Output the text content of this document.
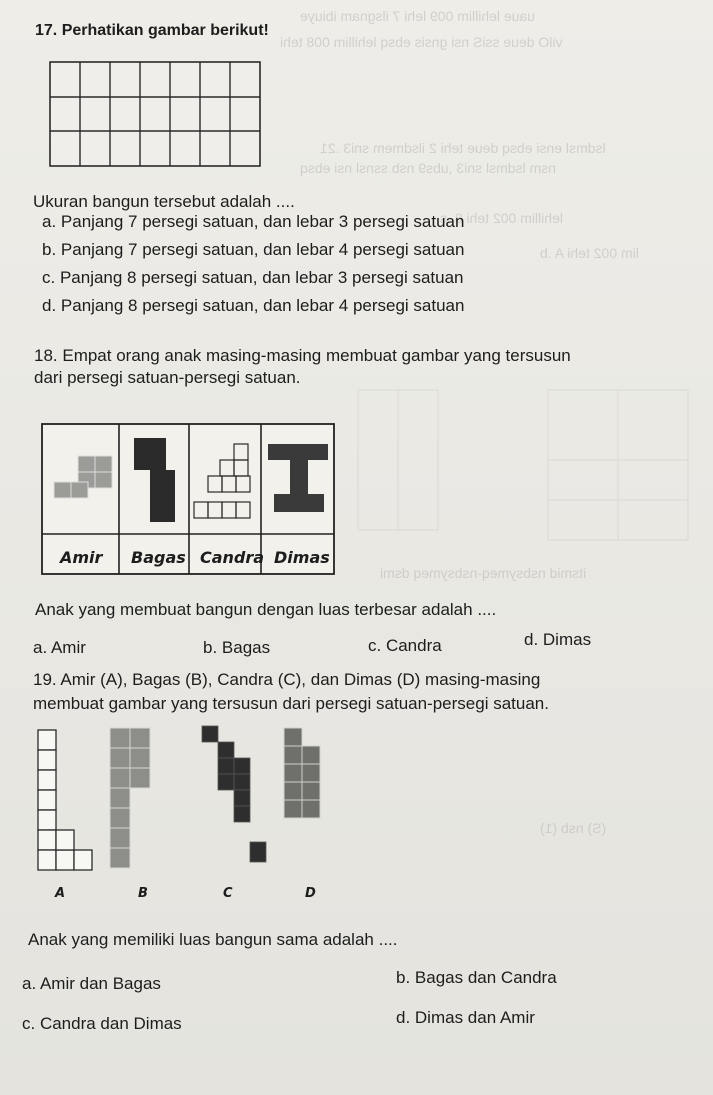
uaue lehillim 009 lehi 7 ilsgnam ibiuye
vilO deue ssiS nsi gnsis ebsq lehillim 008 tehi
lehillim 002 tehi 8 .s
lim 002 tehi A .b
lsdmsl ensi ebsq deue tehi 2 ilsdmem sni3 .21
nsm lsdmsl sni3 ,ubs9 nsb ssnsl nsi ebsq
itsmid nsbsymeq-nsbsymeq dsmi
(S) nsb (1)
17. Perhatikan gambar berikut!
Ukuran bangun tersebut adalah ....
a. Panjang 7 persegi satuan, dan lebar 3 persegi satuan
b. Panjang 7 persegi satuan, dan lebar 4 persegi satuan
c. Panjang 8 persegi satuan, dan lebar 3 persegi satuan
d. Panjang 8 persegi satuan, dan lebar 4 persegi satuan
18. Empat orang anak masing-masing membuat gambar yang tersusun
dari persegi satuan-persegi satuan.
Amir Bagas Candra Dimas
Anak yang membuat bangun dengan luas terbesar adalah ....
a. Amir	b. Bagas	c. Candra	d. Dimas
19. Amir (A), Bagas (B), Candra (C), dan Dimas (D) masing-masing
membuat gambar yang tersusun dari persegi satuan-persegi satuan.
A	B	C	D
Anak yang memiliki luas bangun sama adalah ....
a. Amir dan Bagas	b. Bagas dan Candra
c. Candra dan Dimas	d. Dimas dan Amir
